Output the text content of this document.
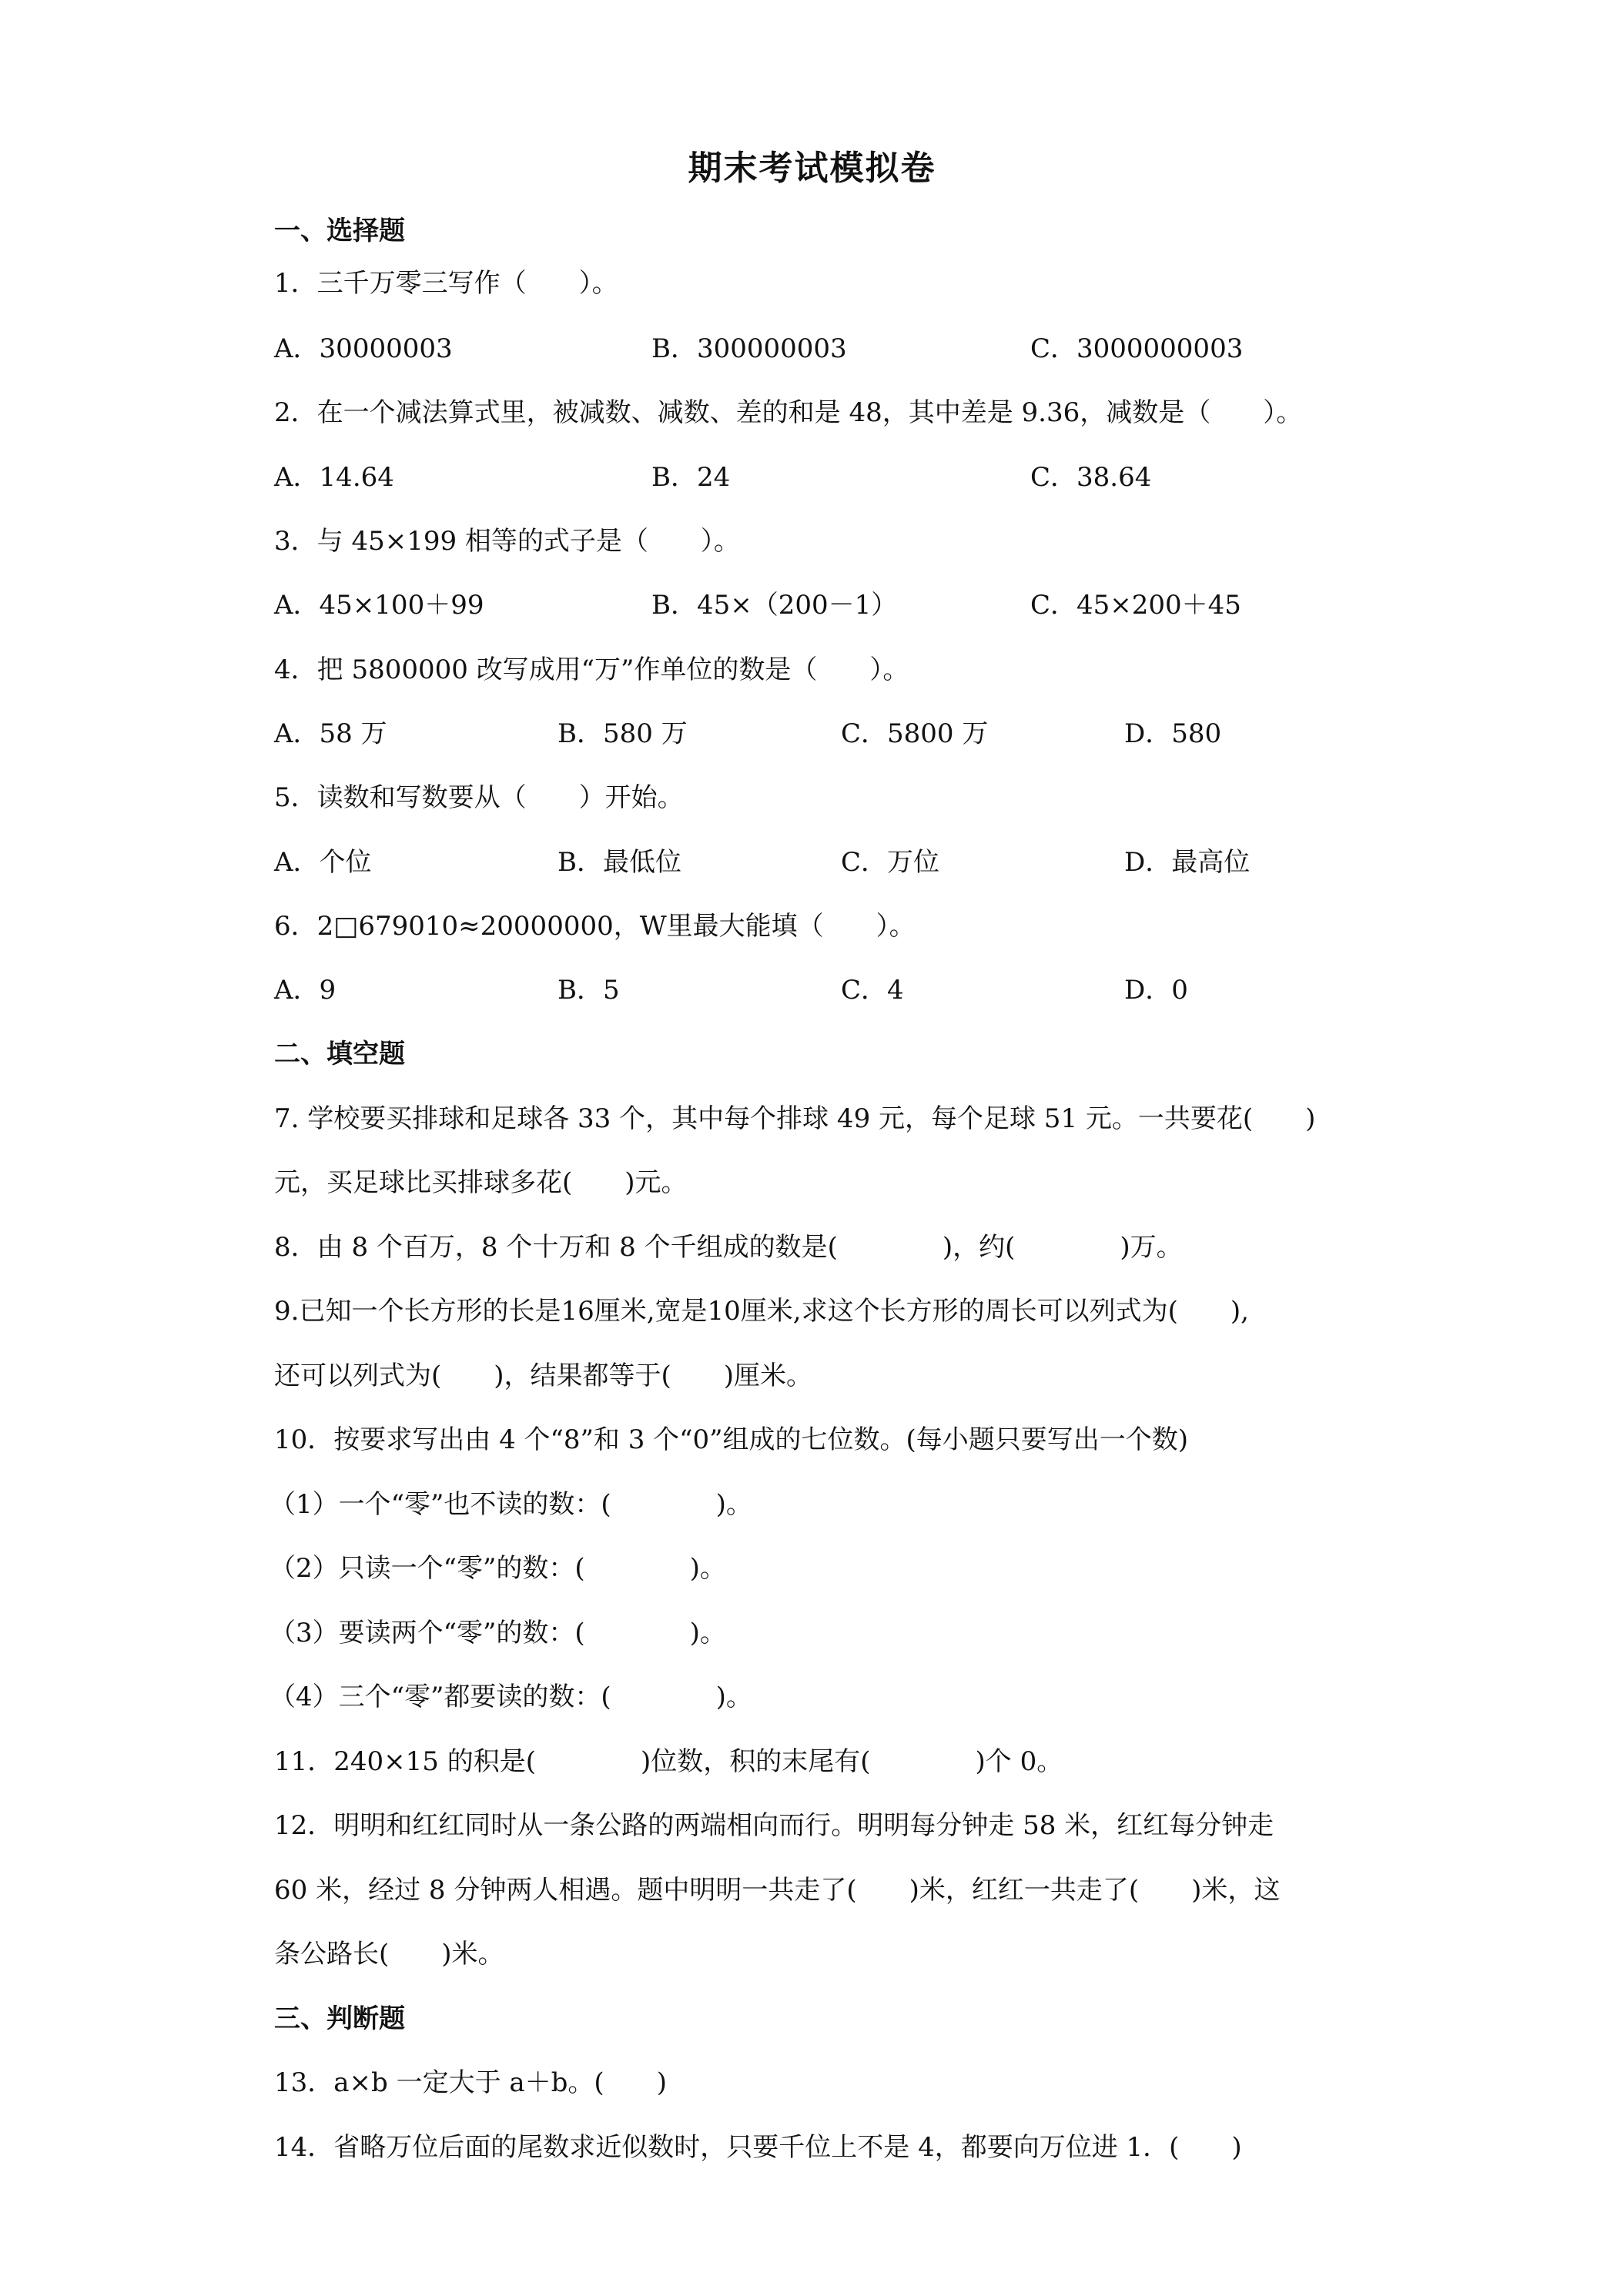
期末考试模拟卷
一、选择题
1．三千万零三写作（　　）。
A．30000003	B．300000003	C．3000000003
2．在一个减法算式里，被减数、减数、差的和是 48，其中差是 9.36，减数是（　　）。
A．14.64	B．24	C．38.64
3．与 45×199 相等的式子是（　　）。
A．45×100＋99	B．45×（200－1）	C．45×200＋45
4．把 5800000 改写成用“万”作单位的数是（　　）。
A．58 万	B．580 万	C．5800 万	D．580
5．读数和写数要从（　　）开始。
A．个位	B．最低位	C．万位	D．最高位
6．2□679010≈20000000，W里最大能填（　　）。
A．9	B．5	C．4	D．0
二、填空题
7. 学校要买排球和足球各 33 个，其中每个排球 49 元，每个足球 51 元。一共要花(　　)
元，买足球比买排球多花(　　)元。
8．由 8 个百万，8 个十万和 8 个千组成的数是(　　　　)，约(　　　　)万。
9.已知一个长方形的长是16厘米,宽是10厘米,求这个长方形的周长可以列式为(　　),
还可以列式为(　　)，结果都等于(　　)厘米。
10．按要求写出由 4 个“8”和 3 个“0”组成的七位数。(每小题只要写出一个数)
（1）一个“零”也不读的数：(　　　　)。
（2）只读一个“零”的数：(　　　　)。
（3）要读两个“零”的数：(　　　　)。
（4）三个“零”都要读的数：(　　　　)。
11．240×15 的积是(　　　　)位数，积的末尾有(　　　　)个 0。
12．明明和红红同时从一条公路的两端相向而行。明明每分钟走 58 米，红红每分钟走
60 米，经过 8 分钟两人相遇。题中明明一共走了(　　)米，红红一共走了(　　)米，这
条公路长(　　)米。
三、判断题
13．a×b 一定大于 a＋b。(　　)
14．省略万位后面的尾数求近似数时，只要千位上不是 4，都要向万位进 1．(　　)
